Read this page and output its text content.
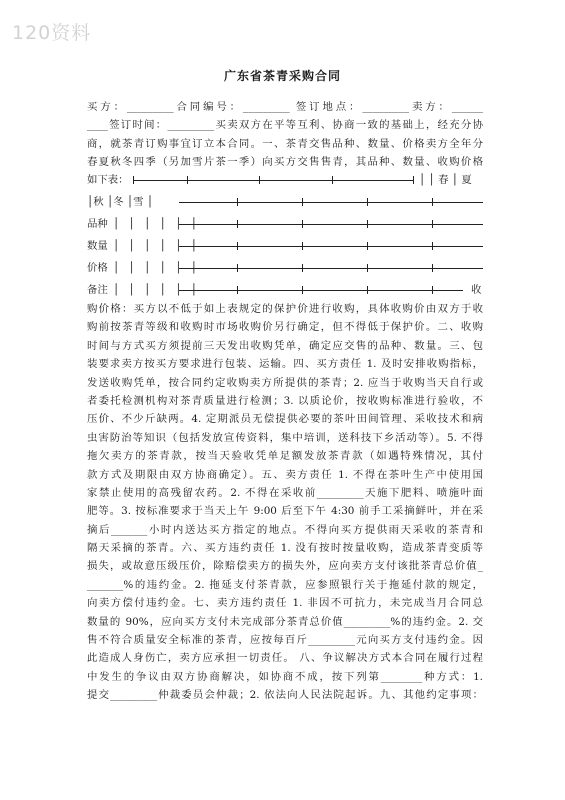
120资料
广东省茶青采购合同
买方：_________合同编号：_________ 签订地点：_________卖方：______
____签订时间：_________买卖双方在平等互利、协商一致的基础上，经充分协
商，就茶青订购事宜订立本合同。一、茶青交售品种、数量、价格卖方全年分
春夏秋冬四季（另加雪片茶一季）向买方交售售青，其品种、数量、收购价格
如下表：	│ │ 春 │ 夏
│秋 │冬 │雪 │
品种 │ │ │ │ │ │
数量 │ │ │ │ │ │
价格 │ │ │ │ │ │
备注 │ │ │ │ │ │	收
购价格：买方以不低于如上表规定的保护价进行收购，具体收购价由双方于收
购前按茶青等级和收购时市场收购价另行确定，但不得低于保护价。二、收购
时间与方式买方须提前三天发出收购凭单，确定应交售的品种、数量。三、包
装要求卖方按买方要求进行包装、运输。四、买方责任 1. 及时安排收购指标，
发送收购凭单，按合同约定收购卖方所提供的茶青；2. 应当于收购当天自行或
者委托检测机构对茶青质量进行检测；3. 以质论价，按收购标准进行验收，不
压价、不少斤缺两。4. 定期派员无偿提供必要的茶叶田间管理、采收技术和病
虫害防治等知识（包括发放宣传资料，集中培训，送科技下乡活动等）。5. 不得
拖欠卖方的茶青款，按当天验收凭单足额发放茶青款（如遇特殊情况，其付
款方式及期限由双方协商确定）。五、卖方责任 1. 不得在茶叶生产中使用国
家禁止使用的高残留农药。2. 不得在采收前_________天施下肥料、喷施叶面
肥等。3. 按标准要求于当天上午 9:00 后至下午 4:30 前手工采摘鲜叶，并在采
摘后_______小时内送达买方指定的地点。不得向买方提供雨天采收的茶青和
隔天采摘的茶青。六、买方违约责任 1. 没有按时按量收购，造成茶青变质等
损失，或故意压级压价，除赔偿卖方的损失外，应向卖方支付该批茶青总价值_
_______%的违约金。2. 拖延支付茶青款，应参照银行关于拖延付款的规定，
向卖方偿付违约金。七、卖方违约责任 1. 非因不可抗力，未完成当月合同总
数量的 90%，应向买方支付未完成部分茶青总价值_________%的违约金。2. 交
售不符合质量安全标准的茶青，应按每百斤_________元向买方支付违约金。因
此造成人身伤亡，卖方应承担一切责任。 八、争议解决方式本合同在履行过程
中发生的争议由双方协商解决，如协商不成，按下列第________种方式：1.
提交_________仲裁委员会仲裁；2. 依法向人民法院起诉。九、其他约定事项：
